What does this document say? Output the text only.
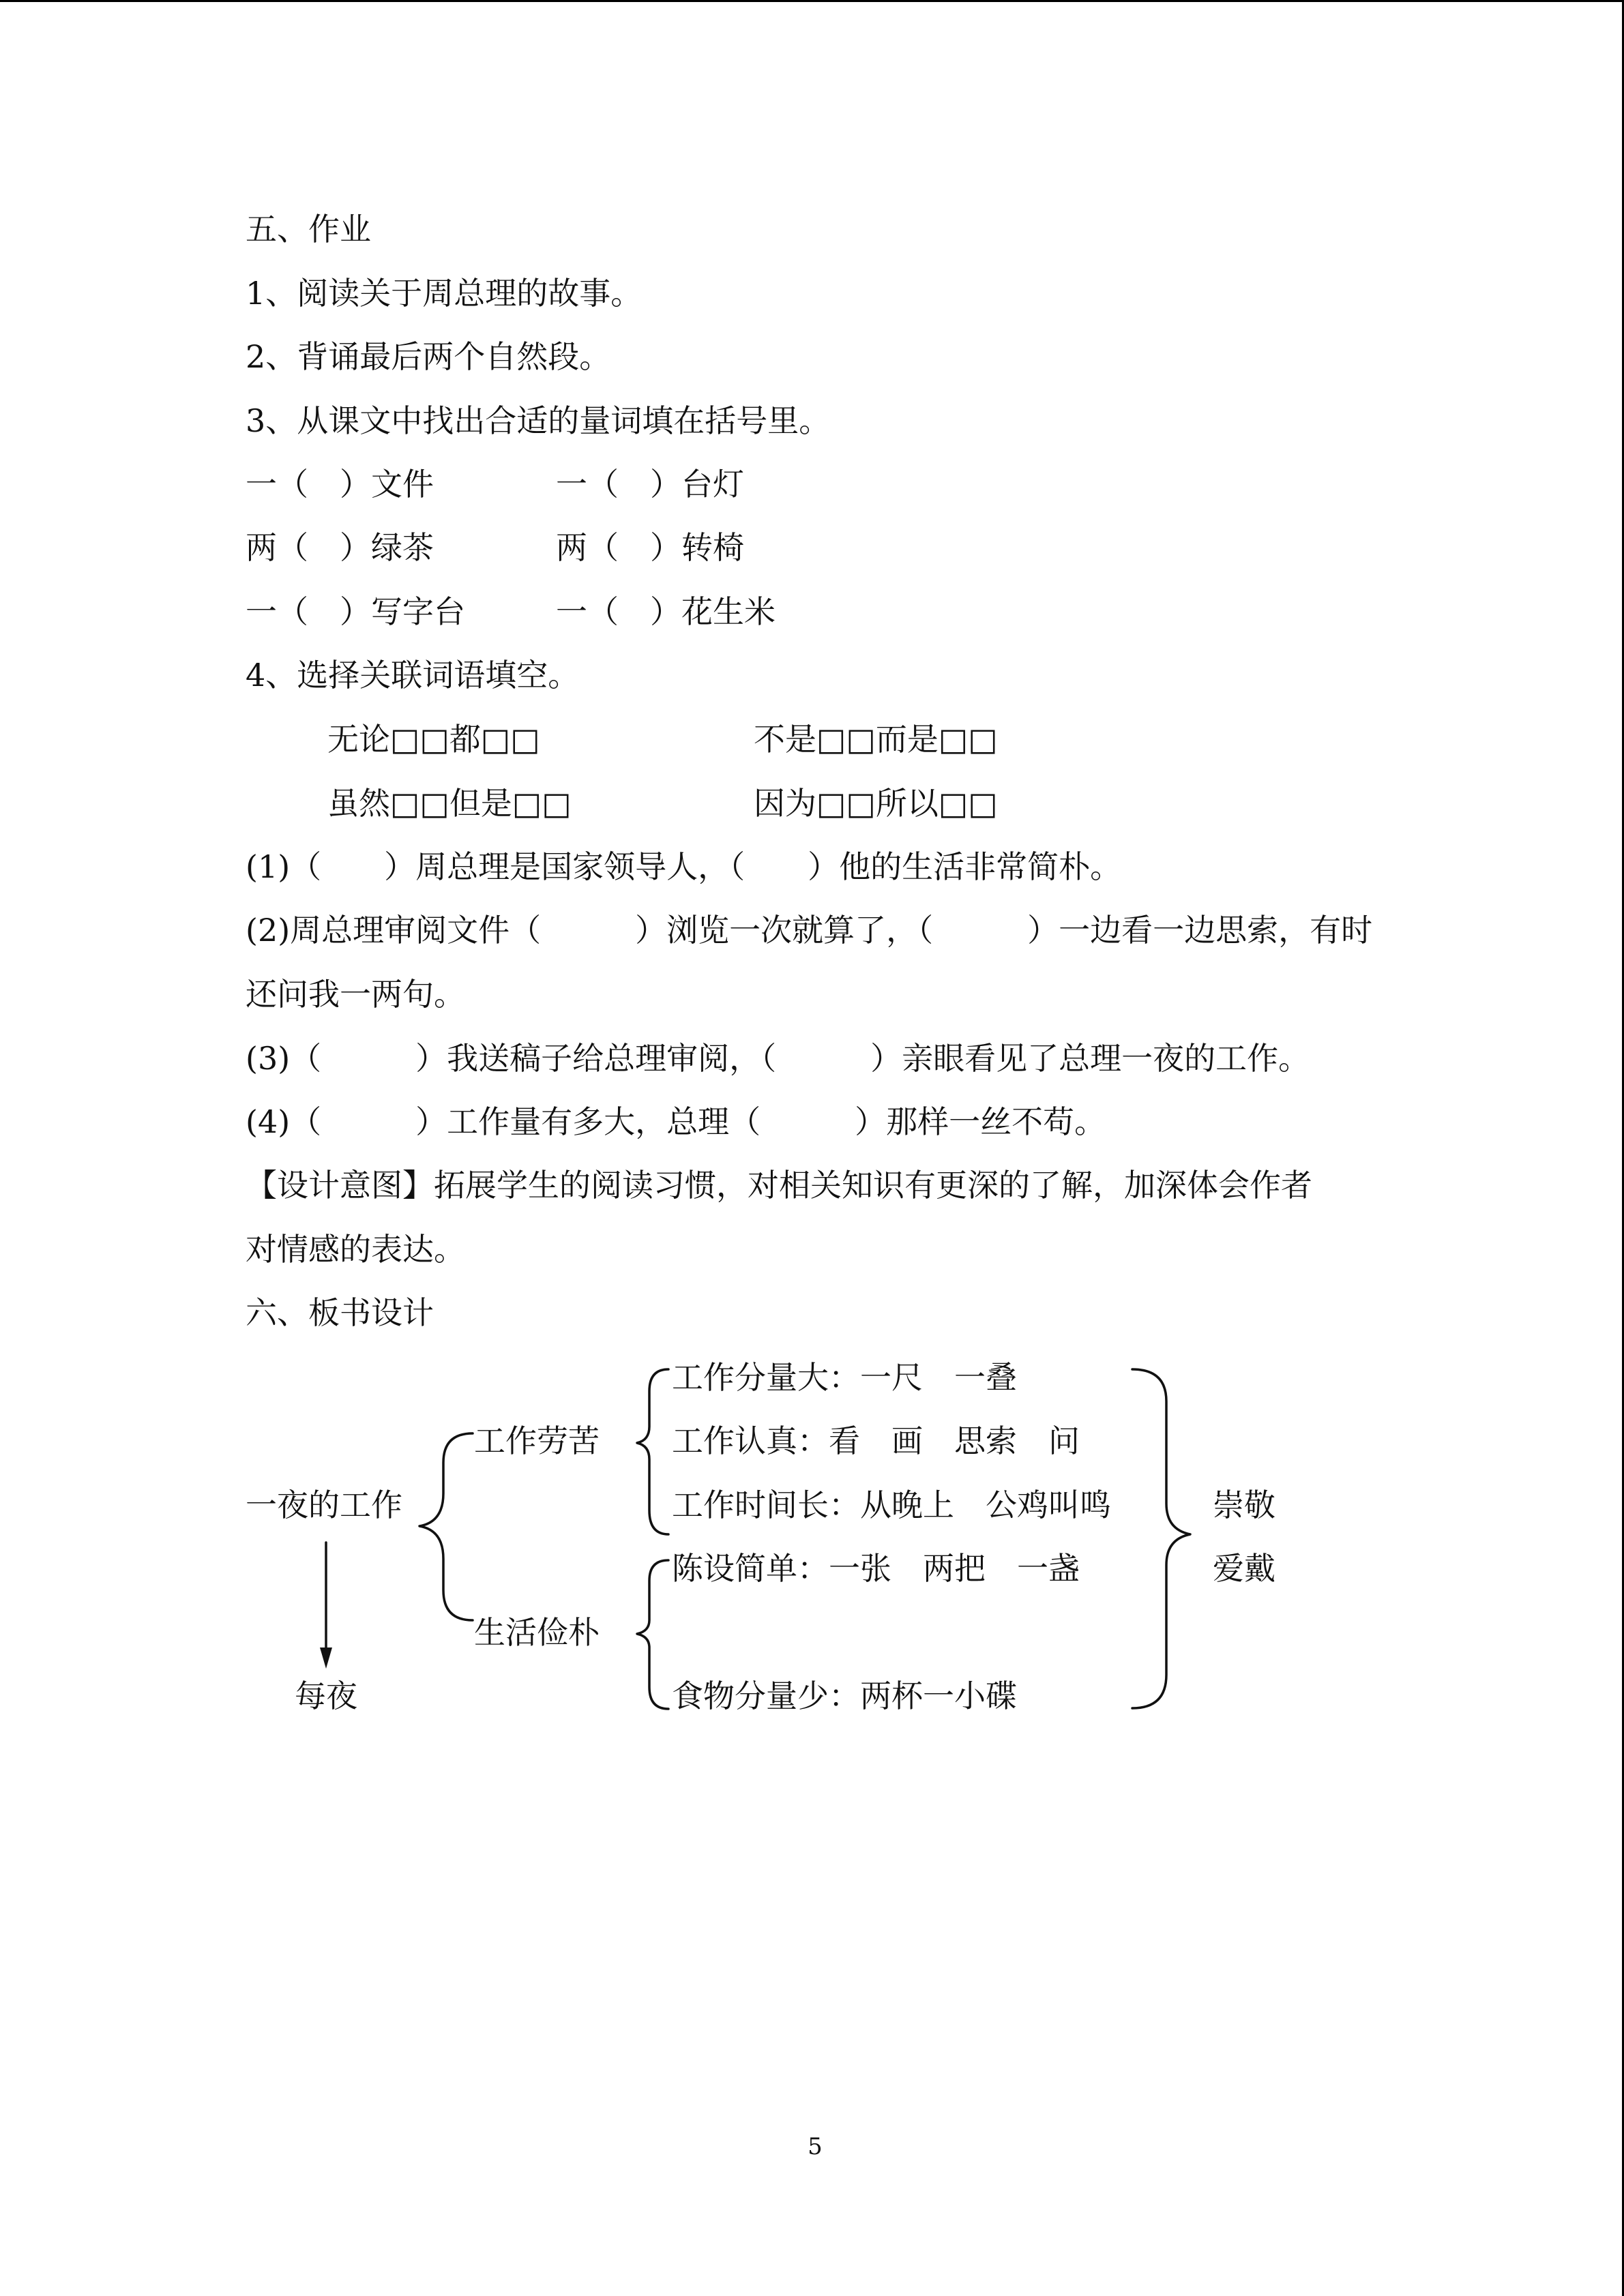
五、作业
1、阅读关于周总理的故事。
2、背诵最后两个自然段。
3、从课文中找出合适的量词填在括号里。
一（　）文件	一（　）台灯
两（　）绿茶	两（　）转椅
一（　）写字台	一（　）花生米
4、选择关联词语填空。
无论□□都□□	不是□□而是□□
虽然□□但是□□	因为□□所以□□
(1)（　　）周总理是国家领导人，（　　）他的生活非常简朴。
(2)周总理审阅文件（　　　）浏览一次就算了，（　　　）一边看一边思索，有时
还问我一两句。
(3)（　　　）我送稿子给总理审阅，（　　　）亲眼看见了总理一夜的工作。
(4)（　　　）工作量有多大，总理（　　　）那样一丝不苟。
【设计意图】拓展学生的阅读习惯，对相关知识有更深的了解，加深体会作者
对情感的表达。
六、板书设计
工作分量大：一尺　一叠
工作劳苦 工作认真：看　画　思索　问
一夜的工作	工作时间长：从晚上　公鸡叫鸣	崇敬
陈设简单：一张　两把　一盏	爱戴
生活俭朴
食物分量少：两杯一小碟
每夜
5
